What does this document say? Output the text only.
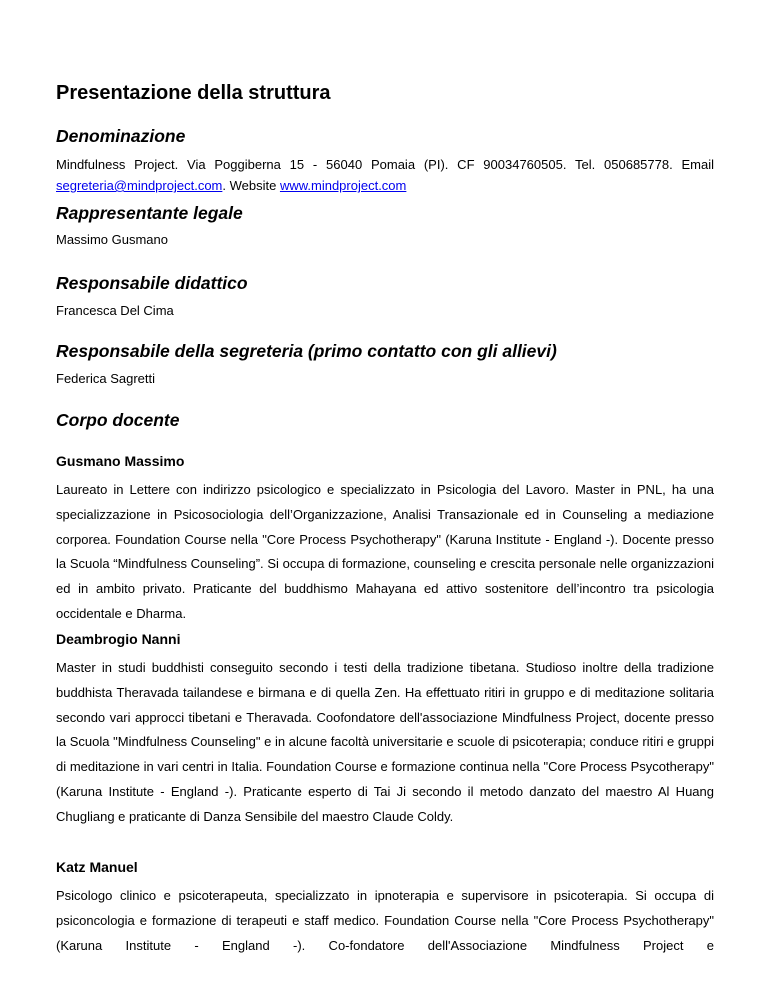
Presentazione della struttura
Denominazione

Mindfulness Project. Via Poggiberna 15 - 56040 Pomaia (PI). CF 90034760505. Tel. 050685778. Email segreteria@mindproject.com. Website www.mindproject.com

Rappresentante legale

Massimo Gusmano

Responsabile didattico

Francesca Del Cima

Responsabile della segreteria (primo contatto con gli allievi)

Federica Sagretti

Corpo docente
Gusmano Massimo

Laureato in Lettere con indirizzo psicologico e specializzato in Psicologia del Lavoro. Master in PNL, ha una specializzazione in Psicosociologia dell’Organizzazione, Analisi Transazionale ed in Counseling a mediazione corporea. Foundation Course nella "Core Process Psychotherapy" (Karuna Institute - England -). Docente presso la Scuola “Mindfulness Counseling”. Si occupa di formazione, counseling e crescita personale nelle organizzazioni ed in ambito privato. Praticante del buddhismo Mahayana ed attivo sostenitore dell’incontro tra psicologia occidentale e Dharma.

Deambrogio Nanni

Master in studi buddhisti conseguito secondo i testi della tradizione tibetana. Studioso inoltre della tradizione buddhista Theravada tailandese e birmana e di quella Zen. Ha effettuato ritiri in gruppo e di meditazione solitaria secondo vari approcci tibetani e Theravada. Coofondatore dell'associazione Mindfulness Project, docente presso la Scuola "Mindfulness Counseling" e in alcune facoltà universitarie e scuole di psicoterapia; conduce ritiri e gruppi di meditazione in vari centri in Italia. Foundation Course e formazione continua nella "Core Process Psycotherapy" (Karuna Institute - England -). Praticante esperto di Tai Ji secondo il metodo danzato del maestro Al Huang Chugliang e praticante di Danza Sensibile del maestro Claude Coldy.

Katz Manuel

Psicologo clinico e psicoterapeuta, specializzato in ipnoterapia e supervisore in psicoterapia. Si occupa di psiconcologia e formazione di terapeuti e staff medico. Foundation Course nella "Core Process Psychotherapy" (Karuna Institute - England -). Co-fondatore dell'Associazione Mindfulness Project e
